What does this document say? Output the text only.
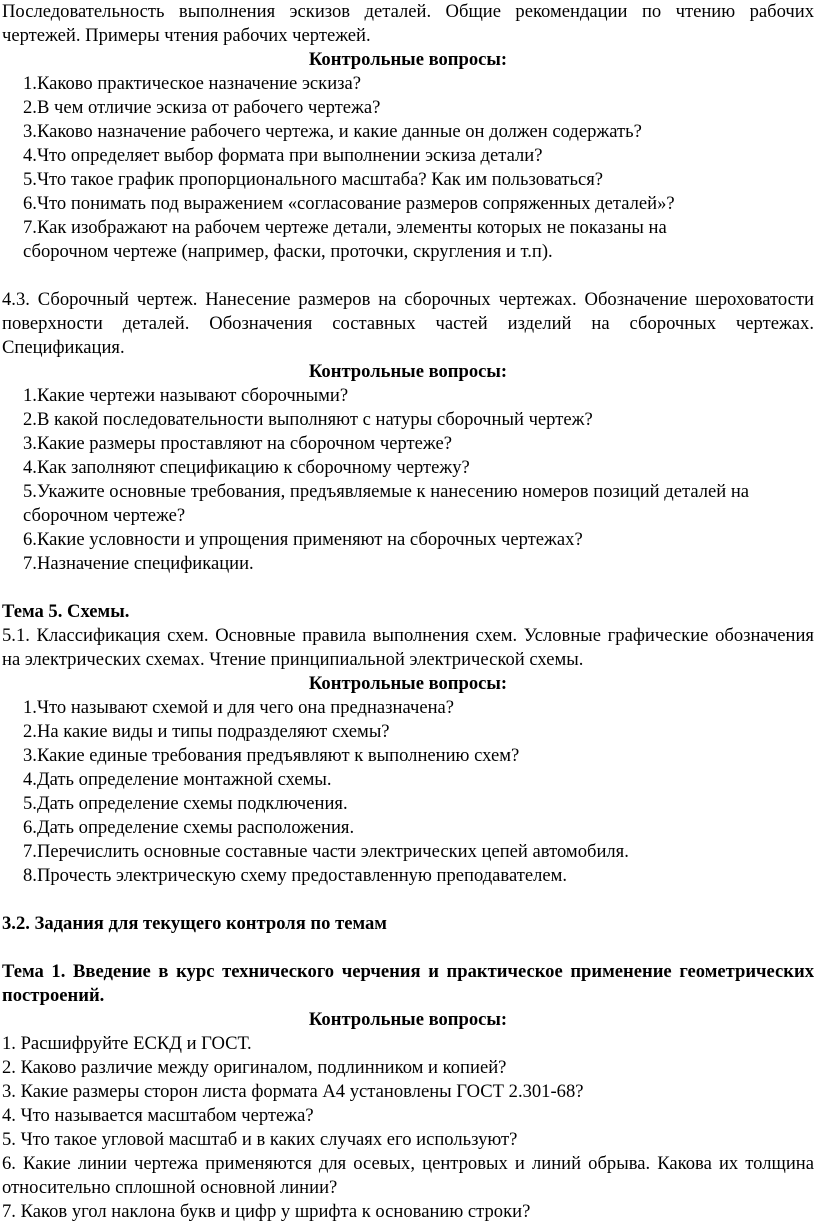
Последовательность выполнения эскизов деталей. Общие рекомендации по чтению рабочих чертежей. Примеры чтения рабочих чертежей.

Контрольные вопросы:

1.Каково практическое назначение эскиза?
2.В чем отличие эскиза от рабочего чертежа?
3.Каково назначение рабочего чертежа, и какие данные он должен содержать?
4.Что определяет выбор формата при выполнении эскиза детали?
5.Что такое график пропорционального масштаба? Как им пользоваться?
6.Что понимать под выражением «согласование размеров сопряженных деталей»?
7.Как изображают на рабочем чертеже детали, элементы которых не показаны на сборочном чертеже (например, фаски, проточки, скругления и т.п).

4.3. Сборочный чертеж. Нанесение размеров на сборочных чертежах. Обозначение шероховатости поверхности деталей. Обозначения составных частей изделий на сборочных чертежах. Спецификация.

Контрольные вопросы:

1.Какие чертежи называют сборочными?
2.В какой последовательности выполняют с натуры сборочный чертеж?
3.Какие размеры проставляют на сборочном чертеже?
4.Как заполняют спецификацию к сборочному чертежу?
5.Укажите основные требования, предъявляемые к нанесению номеров позиций деталей на сборочном чертеже?
6.Какие условности и упрощения применяют на сборочных чертежах?
7.Назначение спецификации.

Тема 5. Схемы.

5.1. Классификация схем. Основные правила выполнения схем. Условные графические обозначения на электрических схемах. Чтение принципиальной электрической схемы.

Контрольные вопросы:

1.Что называют схемой и для чего она предназначена?
2.На какие виды и типы подразделяют схемы?
3.Какие единые требования предъявляют к выполнению схем?
4.Дать определение монтажной схемы.
5.Дать определение схемы подключения.
6.Дать определение схемы расположения.
7.Перечислить основные составные части электрических цепей автомобиля.
8.Прочесть электрическую схему предоставленную преподавателем.

3.2. Задания для текущего контроля по темам

Тема 1. Введение в курс технического черчения и практическое применение геометрических построений.

Контрольные вопросы:

1. Расшифруйте ЕСКД и ГОСТ.
2. Каково различие между оригиналом, подлинником и копией?
3. Какие размеры сторон листа формата А4 установлены ГОСТ 2.301-68?
4. Что называется масштабом чертежа?
5. Что такое угловой масштаб и в каких случаях его используют?
6. Какие линии чертежа применяются для осевых, центровых и линий обрыва. Какова их толщина относительно сплошной основной линии?
7. Каков угол наклона букв и цифр у шрифта к основанию строки?
